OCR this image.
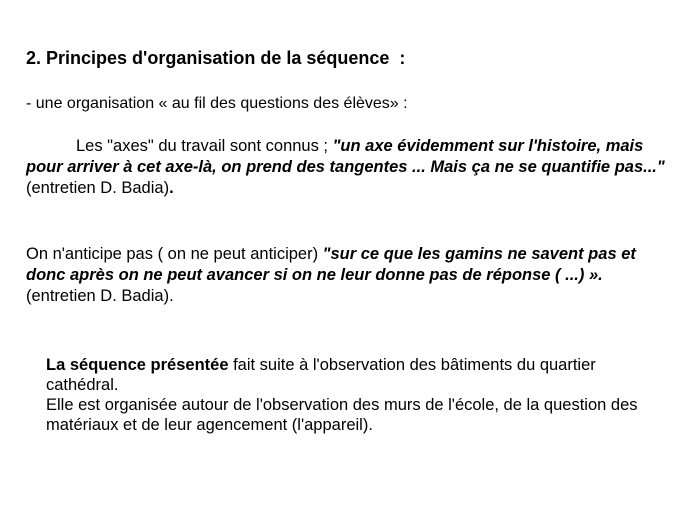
2. Principes d'organisation de la séquence  :
- une organisation « au fil des questions des élèves» :
Les "axes" du travail sont connus ; "un axe évidemment sur l'histoire, mais pour arriver à cet axe-là, on prend des tangentes ... Mais ça ne se quantifie pas..." (entretien D. Badia).
On n'anticipe pas ( on ne peut anticiper) "sur ce que les gamins ne savent pas et donc après on ne peut avancer si on ne leur donne pas de réponse ( ...) ». (entretien D. Badia).
La séquence présentée fait suite à l'observation des bâtiments du quartier cathédral.
Elle est organisée autour de l'observation des murs de l'école, de la question des matériaux et de leur agencement (l'appareil).
